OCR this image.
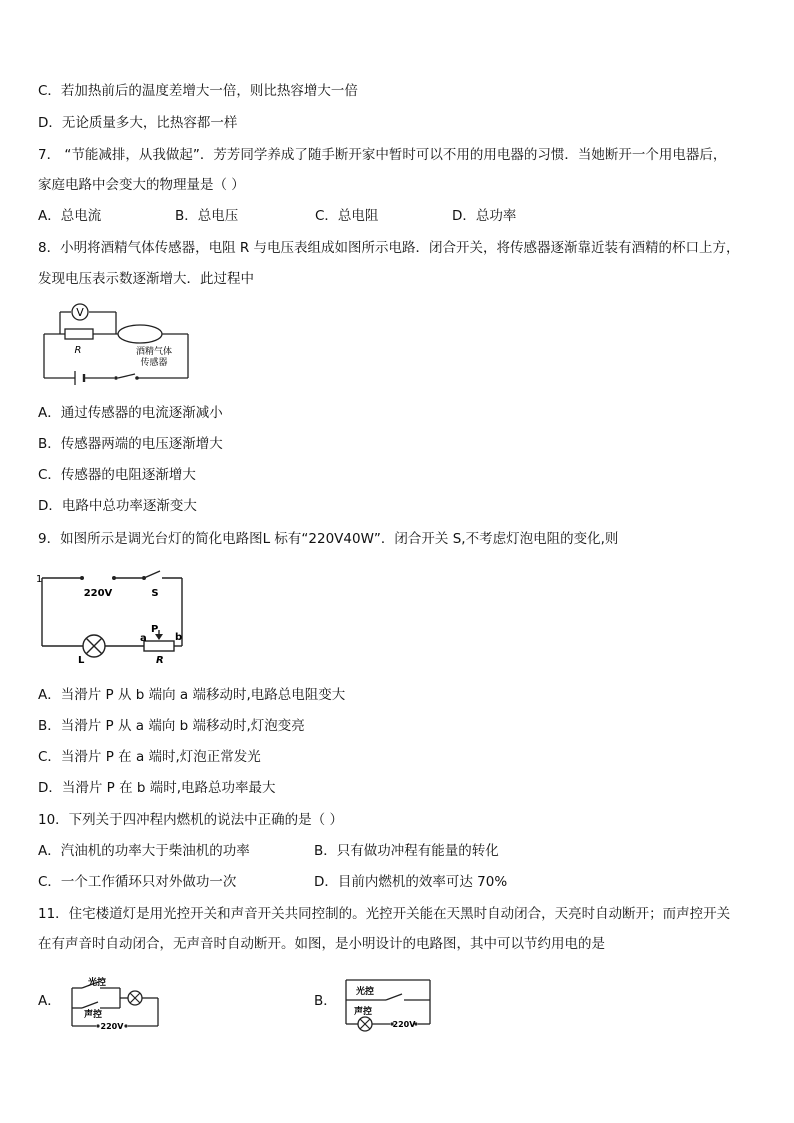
C．若加热前后的温度差增大一倍，则比热容增大一倍
D．无论质量多大，比热容都一样
7． “节能减排，从我做起”．芳芳同学养成了随手断开家中暂时可以不用的用电器的习惯．当她断开一个用电器后，
家庭电路中会变大的物理量是（ ）
A．总电流	B．总电压	C．总电阻	D．总功率
8．小明将酒精气体传感器，电阻 R 与电压表组成如图所示电路．闭合开关，将传感器逐渐靠近装有酒精的杯口上方，
发现电压表示数逐渐增大．此过程中
V
R	酒精气体
传感器
A．通过传感器的电流逐渐减小
B．传感器两端的电压逐渐增大
C．传感器的电阻逐渐增大
D．电路中总功率逐渐变大
9．如图所示是调光台灯的简化电路图L 标有“220V40W”．闭合开关 S,不考虑灯泡电阻的变化,则
1
220V	S
L
a
P
b
R
A．当滑片 P 从 b 端向 a 端移动时,电路总电阻变大
B．当滑片 P 从 a 端向 b 端移动时,灯泡变亮
C．当滑片 P 在 a 端时,灯泡正常发光
D．当滑片 P 在 b 端时,电路总功率最大
10．下列关于四冲程内燃机的说法中正确的是（ ）
A．汽油机的功率大于柴油机的功率	B．只有做功冲程有能量的转化
C．一个工作循环只对外做功一次	D．目前内燃机的效率可达 70%
11．住宅楼道灯是用光控开关和声音开关共同控制的。光控开关能在天黑时自动闭合，天亮时自动断开；而声控开关
在有声音时自动闭合，无声音时自动断开。如图，是小明设计的电路图，其中可以节约用电的是
A．
光控
声控
220V
B．
光控
声控
220V
